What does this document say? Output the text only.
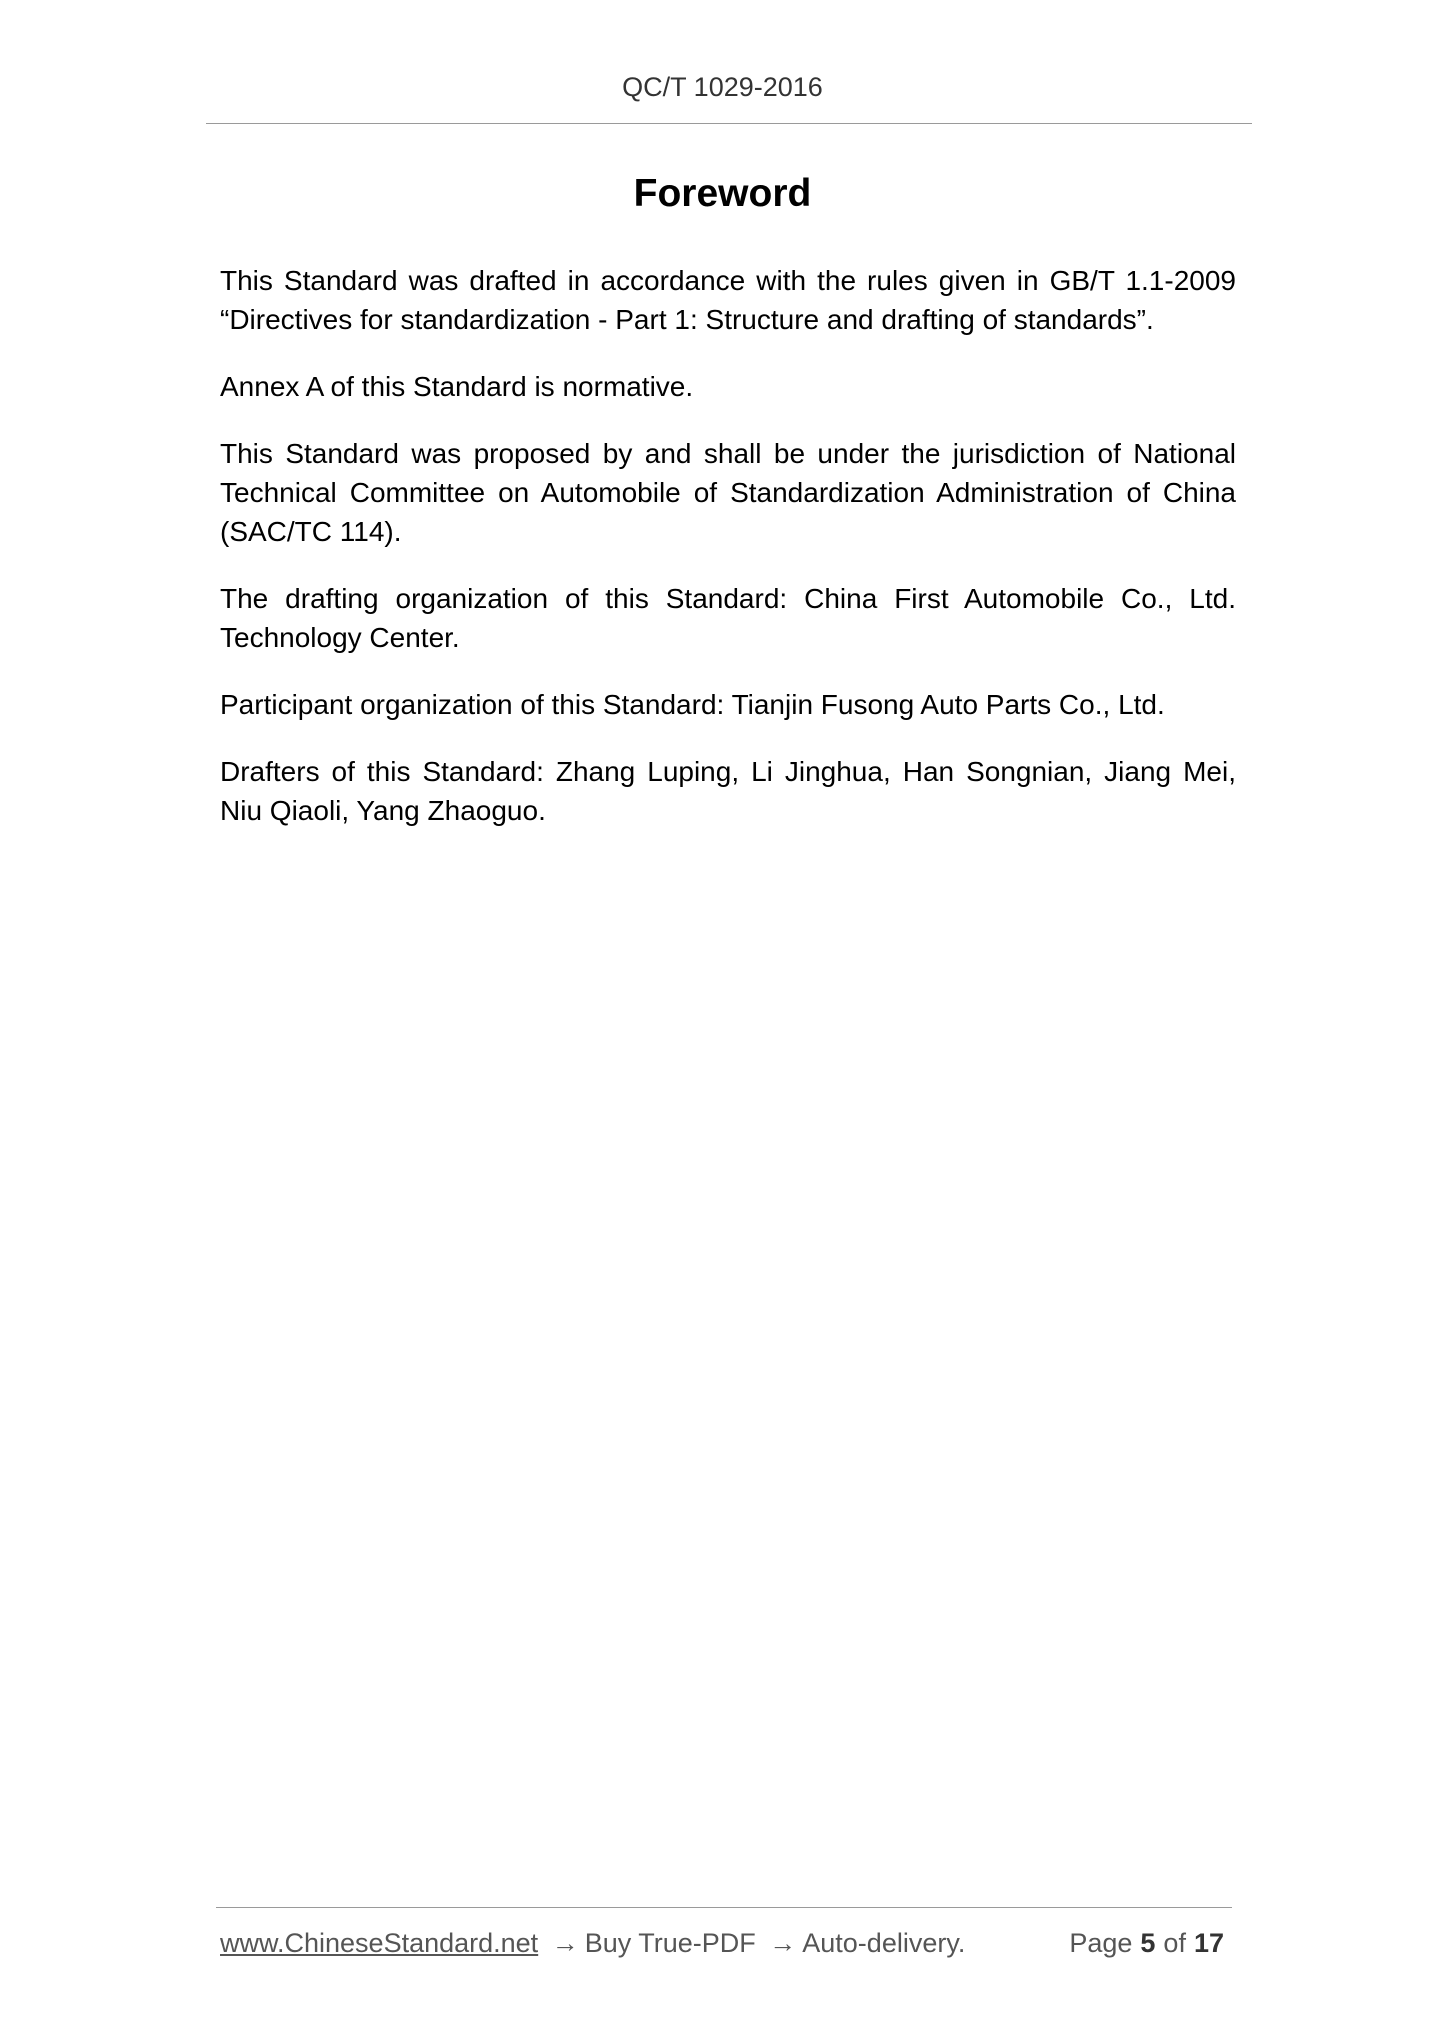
QC/T 1029-2016
Foreword

This Standard was drafted in accordance with the rules given in GB/T 1.1-2009 “Directives for standardization - Part 1: Structure and drafting of standards”.

Annex A of this Standard is normative.

This Standard was proposed by and shall be under the jurisdiction of National Technical Committee on Automobile of Standardization Administration of China (SAC/TC 114).

The drafting organization of this Standard: China First Automobile Co., Ltd. Technology Center.

Participant organization of this Standard: Tianjin Fusong Auto Parts Co., Ltd.

Drafters of this Standard: Zhang Luping, Li Jinghua, Han Songnian, Jiang Mei, Niu Qiaoli, Yang Zhaoguo.

www.ChineseStandard.net → Buy True-PDF → Auto-delivery.	Page 5 of 17
